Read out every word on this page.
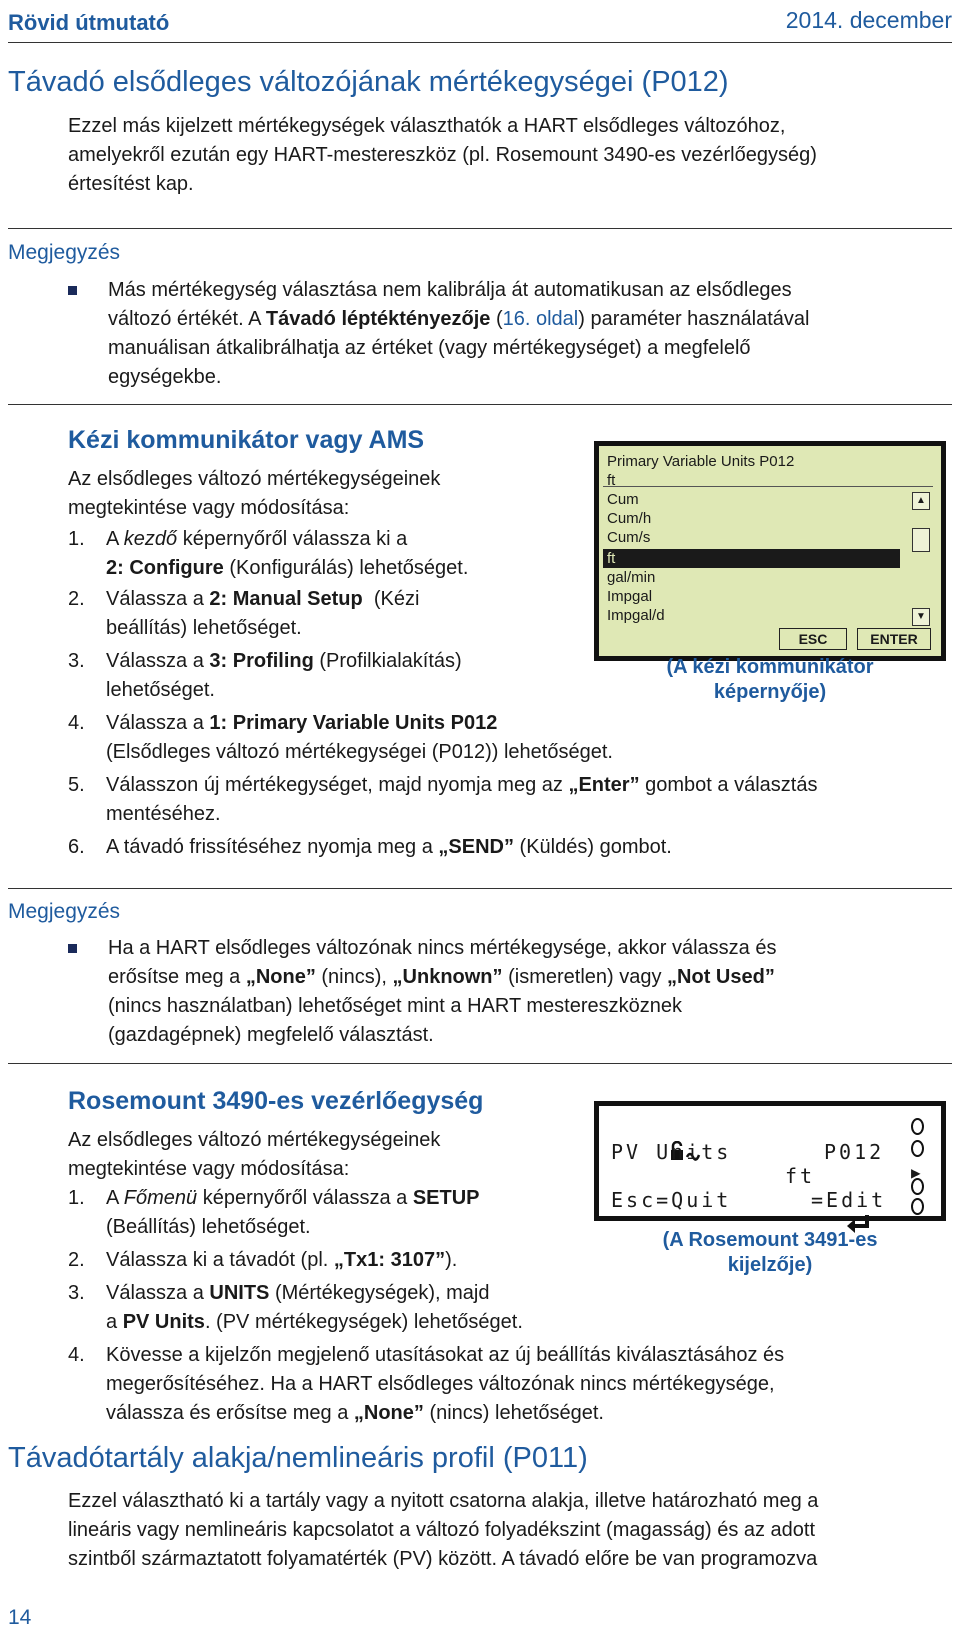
Rövid útmutató	2014. december
Távadó elsődleges változójának mértékegységei (P012)
Ezzel más kijelzett mértékegységek választhatók a HART elsődleges változóhoz,
amelyekről ezután egy HART-mestereszköz (pl. Rosemount 3490-es vezérlőegység)
értesítést kap.
Megjegyzés
Más mértékegység választása nem kalibrálja át automatikusan az elsődleges
változó értékét. A Távadó léptéktényezője (16. oldal) paraméter használatával
manuálisan átkalibrálhatja az értéket (vagy mértékegységet) a megfelelő
egységekbe.
Kézi kommunikátor vagy AMS
Az elsődleges változó mértékegységeinek
megtekintése vagy módosítása:
1. A kezdő képernyőről válassza ki a
2: Configure (Konfigurálás) lehetőséget.
2. Válassza a 2: Manual Setup  (Kézi
beállítás) lehetőséget.
3. Válassza a 3: Profiling (Profilkialakítás)
lehetőséget.
4. Válassza a 1: Primary Variable Units P012
(Elsődleges változó mértékegységei (P012)) lehetőséget.
5. Válasszon új mértékegységet, majd nyomja meg az „Enter” gombot a választás
mentéséhez.
6. A távadó frissítéséhez nyomja meg a „SEND” (Küldés) gombot.
Primary Variable Units P012
ft
Cum
Cum/h
Cum/s
ft
gal/min
Impgal
Impgal/d
▲
▼
ESC	ENTER
(A kézi kommunikátor
képernyője)
Megjegyzés
Ha a HART elsődleges változónak nincs mértékegysége, akkor válassza és
erősítse meg a „None” (nincs), „Unknown” (ismeretlen) vagy „Not Used”
(nincs használatban) lehetőséget mint a HART mestereszköznek
(gazdagépnek) megfelelő választást.
Rosemount 3490-es vezérlőegység
Az elsődleges változó mértékegységeinek
megtekintése vagy módosítása:
1. A Főmenü képernyőről válassza a SETUP
(Beállítás) lehetőséget.
2. Válassza ki a távadót (pl. „Tx1: 3107”).
3. Válassza a UNITS (Mértékegységek), majd
a PV Units. (PV mértékegységek) lehetőséget.
4. Kövesse a kijelzőn megjelenő utasításokat az új beállítás kiválasztásához és
megerősítéséhez. Ha a HART elsődleges változónak nincs mértékegysége,
válassza és erősítse meg a „None” (nincs) lehetőséget.

PV Units	P012
ft
Esc=Quit

	=Edit
▶
(A Rosemount 3491-es
kijelzője)
Távadótartály alakja/nemlineáris profil (P011)
Ezzel választható ki a tartály vagy a nyitott csatorna alakja, illetve határozható meg a
lineáris vagy nemlineáris kapcsolatot a változó folyadékszint (magasság) és az adott
szintből származtatott folyamatérték (PV) között. A távadó előre be van programozva
14
